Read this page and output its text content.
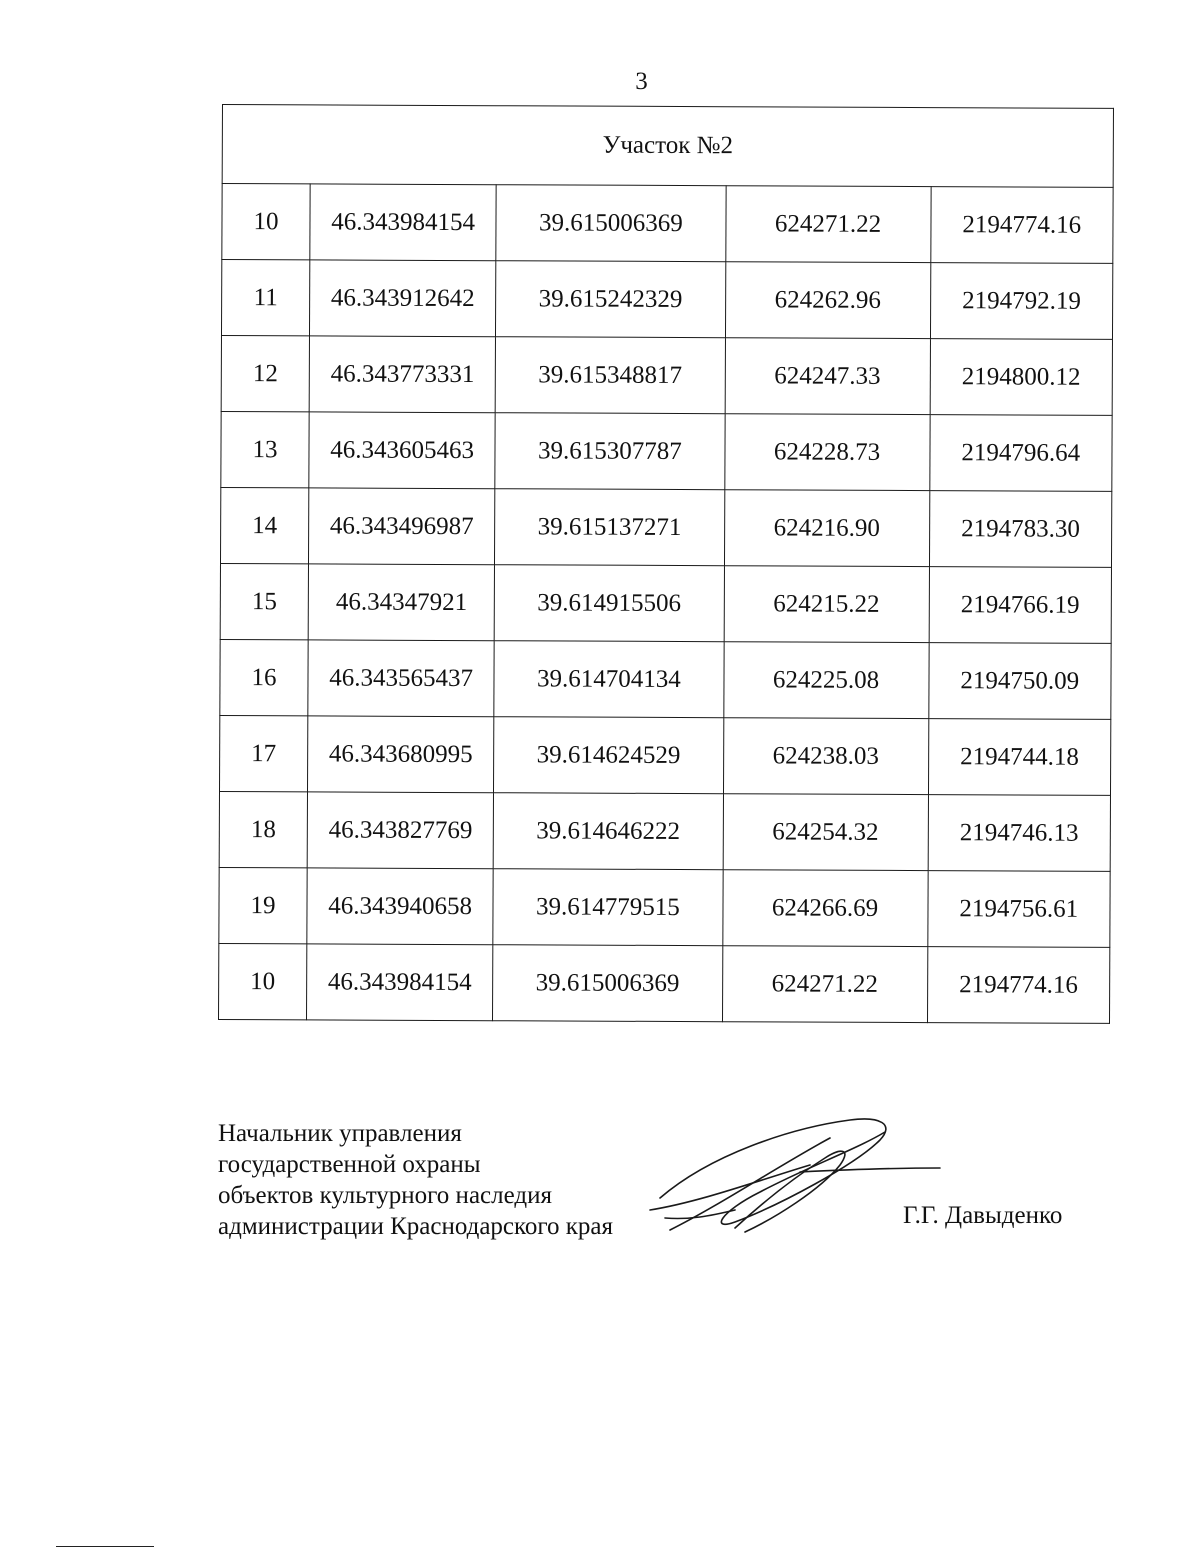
3
Участок №2				
10	46.343984154	39.615006369	624271.22	2194774.16
11	46.343912642	39.615242329	624262.96	2194792.19
12	46.343773331	39.615348817	624247.33	2194800.12
13	46.343605463	39.615307787	624228.73	2194796.64
14	46.343496987	39.615137271	624216.90	2194783.30
15	46.34347921	39.614915506	624215.22	2194766.19
16	46.343565437	39.614704134	624225.08	2194750.09
17	46.343680995	39.614624529	624238.03	2194744.18
18	46.343827769	39.614646222	624254.32	2194746.13
19	46.343940658	39.614779515	624266.69	2194756.61
10	46.343984154	39.615006369	624271.22	2194774.16
Начальник управления
государственной охраны
объектов культурного наследия
администрации Краснодарского края	Г.Г. Давыденко
